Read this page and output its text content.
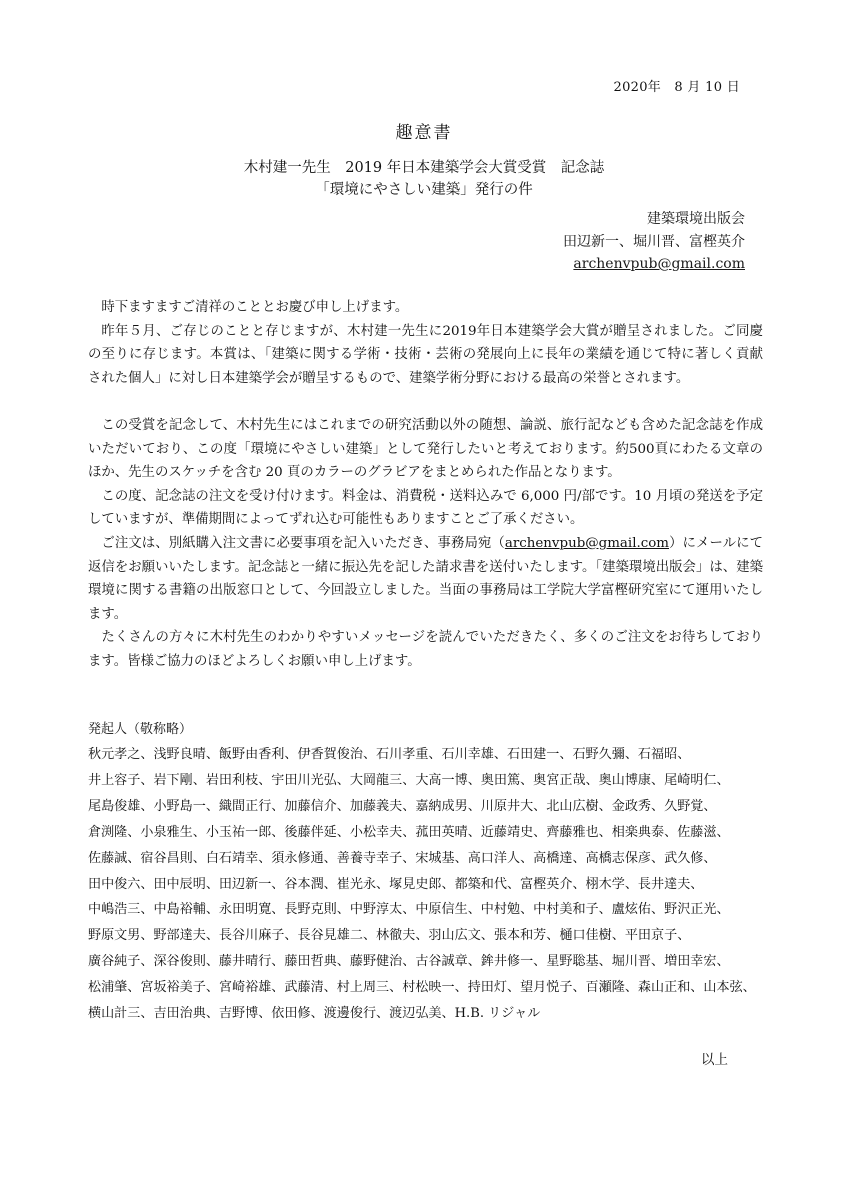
2020年　8 月 10 日
趣意書
木村建一先生　2019 年日本建築学会大賞受賞　記念誌
「環境にやさしい建築」発行の件
建築環境出版会
田辺新一、堀川晋、富樫英介
archenvpub@gmail.com

時下ますますご清祥のこととお慶び申し上げます。

昨年５月、ご存じのことと存じますが、木村建一先生に2019年日本建築学会大賞が贈呈されました。ご同慶の至りに存じます。本賞は、「建築に関する学術・技術・芸術の発展向上に長年の業績を通じて特に著しく貢献された個人」に対し日本建築学会が贈呈するもので、建築学術分野における最高の栄誉とされます。

この受賞を記念して、木村先生にはこれまでの研究活動以外の随想、論説、旅行記なども含めた記念誌を作成いただいており、この度「環境にやさしい建築」として発行したいと考えております。約500頁にわたる文章のほか、先生のスケッチを含む 20 頁のカラーのグラビアをまとめられた作品となります。

この度、記念誌の注文を受け付けます。料金は、消費税・送料込みで 6,000 円/部です。10 月頃の発送を予定していますが、準備期間によってずれ込む可能性もありますことご了承ください。

ご注文は、別紙購入注文書に必要事項を記入いただき、事務局宛（archenvpub@gmail.com）にメールにて返信をお願いいたします。記念誌と一緒に振込先を記した請求書を送付いたします。「建築環境出版会」は、建築環境に関する書籍の出版窓口として、今回設立しました。当面の事務局は工学院大学富樫研究室にて運用いたします。

たくさんの方々に木村先生のわかりやすいメッセージを読んでいただきたく、多くのご注文をお待ちしております。皆様ご協力のほどよろしくお願い申し上げます。

発起人（敬称略）
秋元孝之、浅野良晴、飯野由香利、伊香賀俊治、石川孝重、石川幸雄、石田建一、石野久彌、石福昭、
井上容子、岩下剛、岩田利枝、宇田川光弘、大岡龍三、大高一博、奥田篤、奥宮正哉、奥山博康、尾崎明仁、
尾島俊雄、小野島一、織間正行、加藤信介、加藤義夫、嘉納成男、川原井大、北山広樹、金政秀、久野覚、
倉渕隆、小泉雅生、小玉祐一郎、後藤伴延、小松幸夫、菰田英晴、近藤靖史、齊藤雅也、相楽典泰、佐藤滋、
佐藤誠、宿谷昌則、白石靖幸、須永修通、善養寺幸子、宋城基、高口洋人、高橋達、高橋志保彦、武久修、
田中俊六、田中辰明、田辺新一、谷本潤、崔光永、塚見史郎、都築和代、富樫英介、栩木学、長井達夫、
中嶋浩三、中島裕輔、永田明寛、長野克則、中野淳太、中原信生、中村勉、中村美和子、盧炫佑、野沢正光、
野原文男、野部達夫、長谷川麻子、長谷見雄二、林徹夫、羽山広文、張本和芳、樋口佳樹、平田京子、
廣谷純子、深谷俊則、藤井晴行、藤田哲典、藤野健治、古谷誠章、鉾井修一、星野聡基、堀川晋、増田幸宏、
松浦肇、宮坂裕美子、宮崎裕雄、武藤清、村上周三、村松映一、持田灯、望月悦子、百瀬隆、森山正和、山本弦、
横山計三、吉田治典、吉野博、依田修、渡邊俊行、渡辺弘美、H.B. リジャル
以上
